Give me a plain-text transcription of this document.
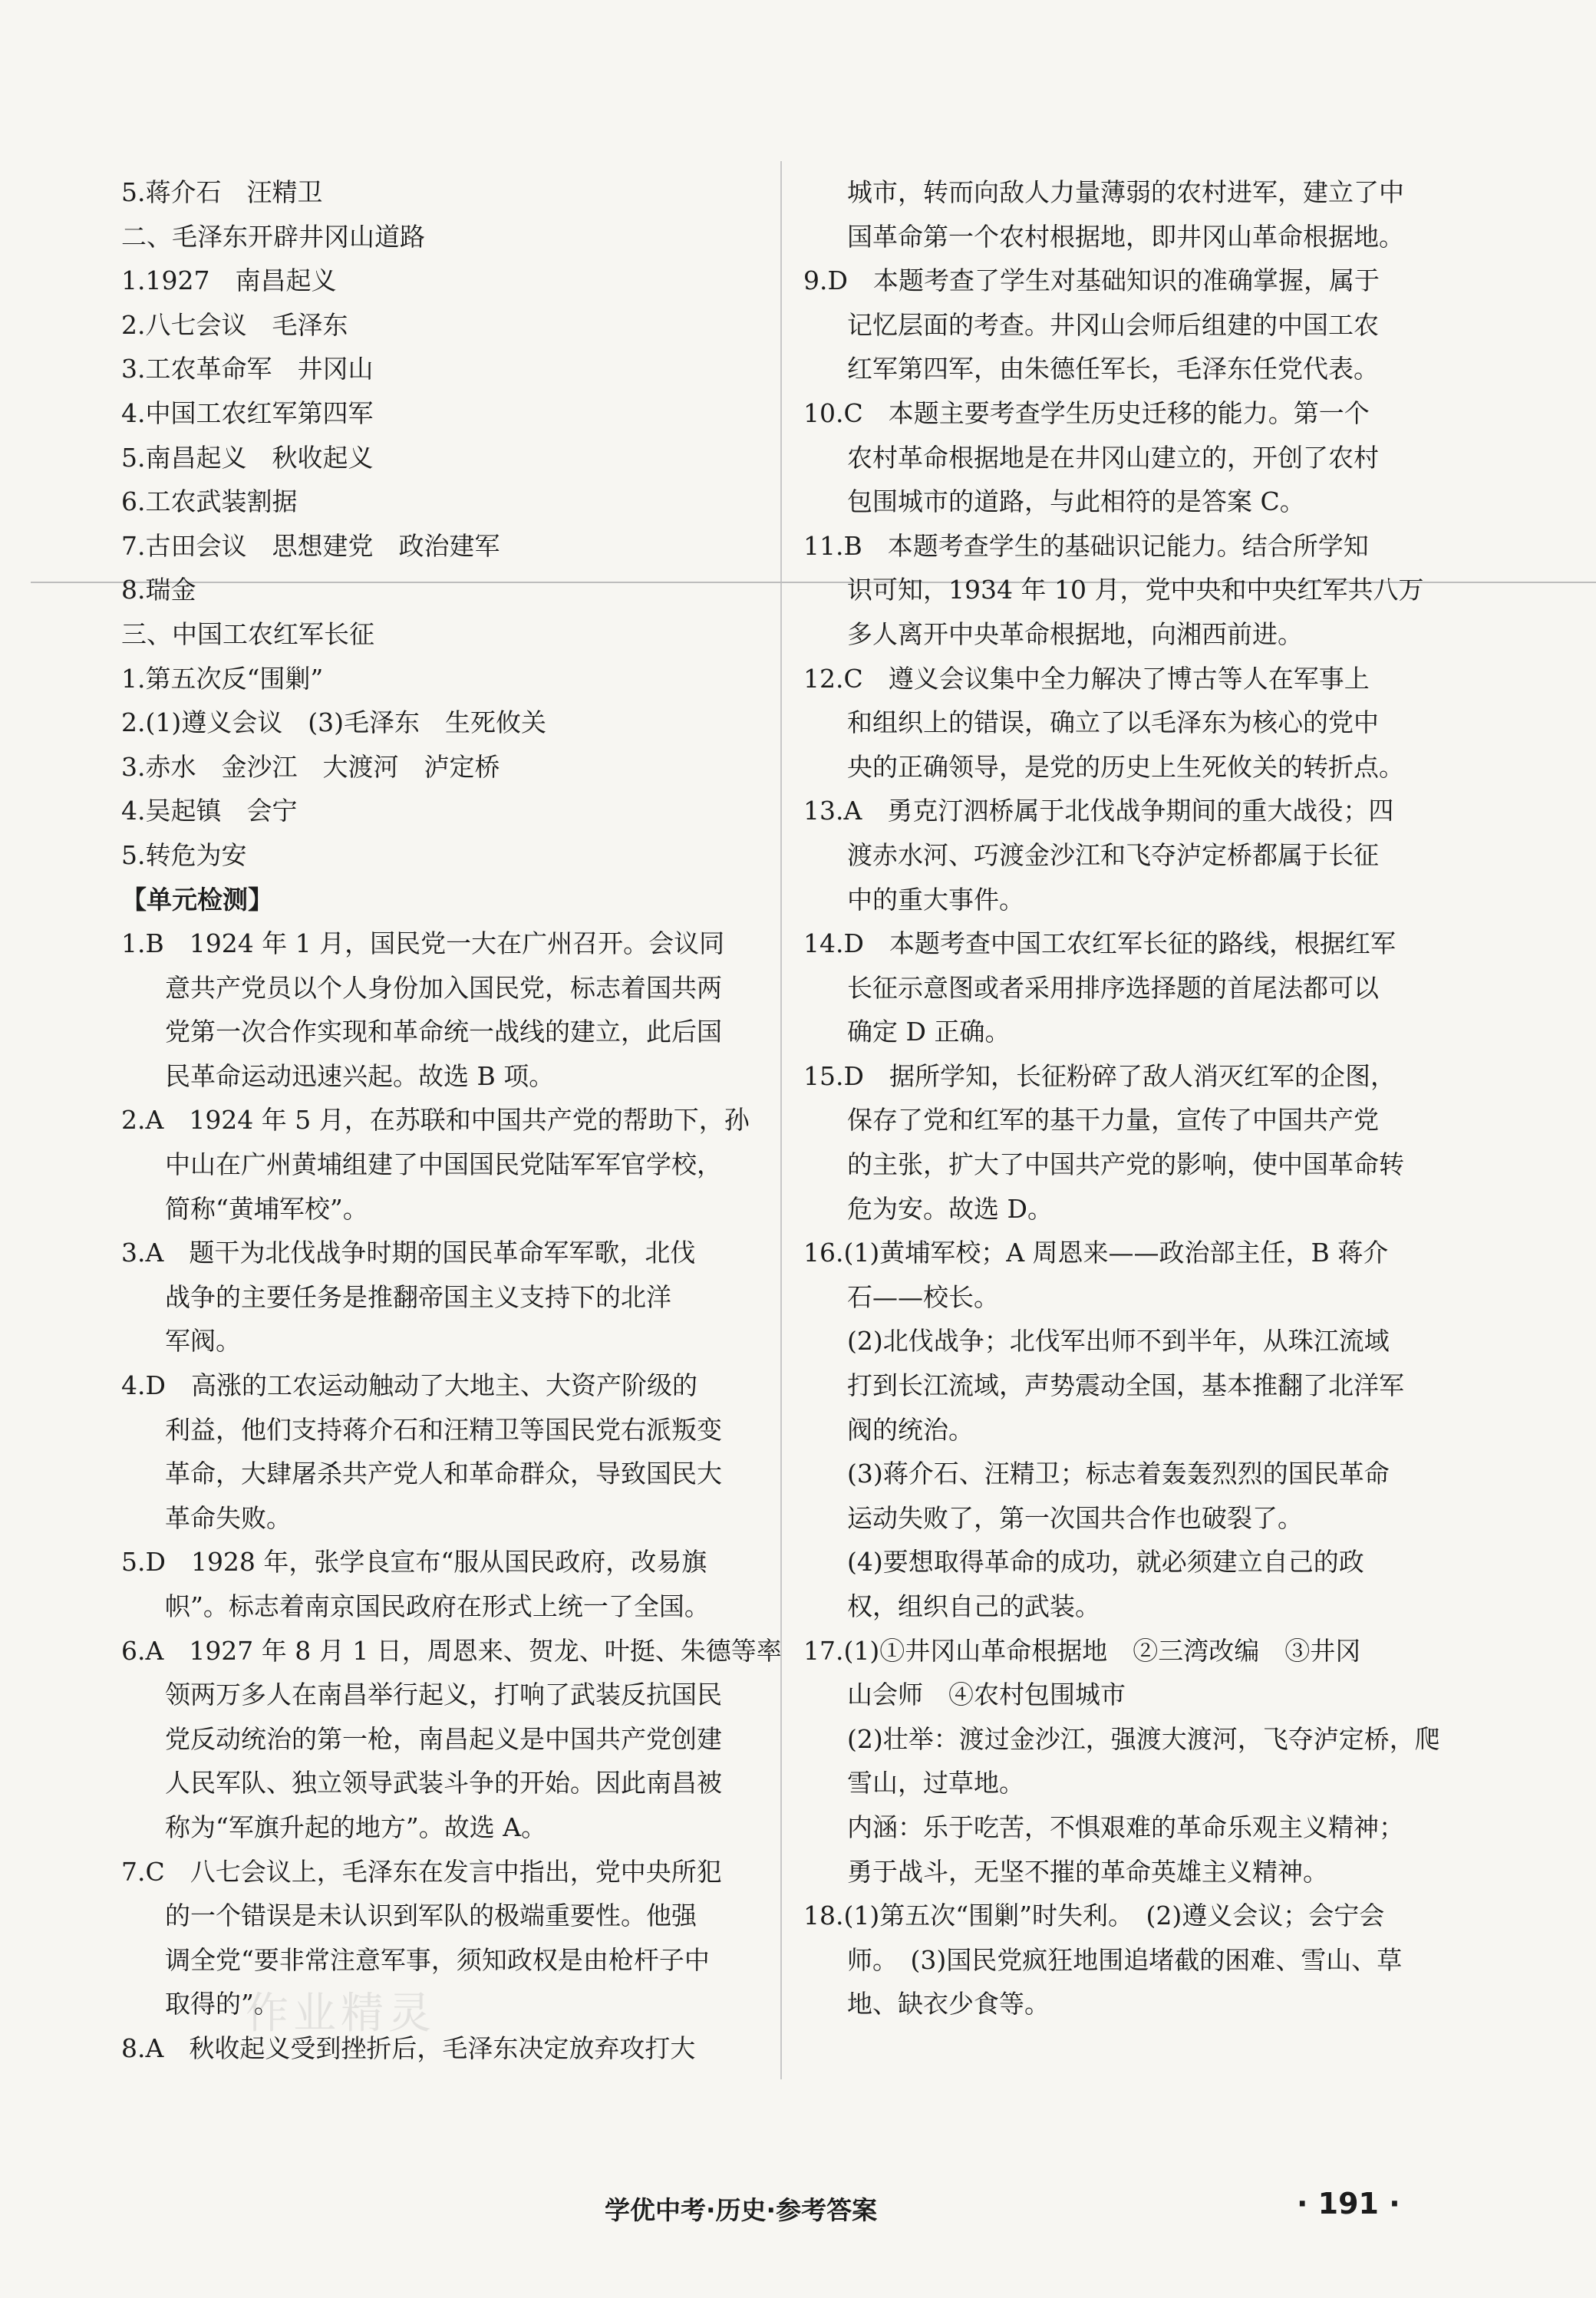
5.蒋介石　汪精卫
二、毛泽东开辟井冈山道路
1.1927　南昌起义
2.八七会议　毛泽东
3.工农革命军　井冈山
4.中国工农红军第四军
5.南昌起义　秋收起义
6.工农武装割据
7.古田会议　思想建党　政治建军
8.瑞金
三、中国工农红军长征
1.第五次反“围剿”
2.(1)遵义会议　(3)毛泽东　生死攸关
3.赤水　金沙江　大渡河　泸定桥
4.吴起镇　会宁
5.转危为安
【单元检测】
1.B　1924 年 1 月，国民党一大在广州召开。会议同
意共产党员以个人身份加入国民党，标志着国共两
党第一次合作实现和革命统一战线的建立，此后国
民革命运动迅速兴起。故选 B 项。
2.A　1924 年 5 月，在苏联和中国共产党的帮助下，孙
中山在广州黄埔组建了中国国民党陆军军官学校，
简称“黄埔军校”。
3.A　题干为北伐战争时期的国民革命军军歌，北伐
战争的主要任务是推翻帝国主义支持下的北洋
军阀。
4.D　高涨的工农运动触动了大地主、大资产阶级的
利益，他们支持蒋介石和汪精卫等国民党右派叛变
革命，大肆屠杀共产党人和革命群众，导致国民大
革命失败。
5.D　1928 年，张学良宣布“服从国民政府，改易旗
帜”。标志着南京国民政府在形式上统一了全国。
6.A　1927 年 8 月 1 日，周恩来、贺龙、叶挺、朱德等率
领两万多人在南昌举行起义，打响了武装反抗国民
党反动统治的第一枪，南昌起义是中国共产党创建
人民军队、独立领导武装斗争的开始。因此南昌被
称为“军旗升起的地方”。故选 A。
7.C　八七会议上，毛泽东在发言中指出，党中央所犯
的一个错误是未认识到军队的极端重要性。他强
调全党“要非常注意军事，须知政权是由枪杆子中
取得的”。
8.A　秋收起义受到挫折后，毛泽东决定放弃攻打大
城市，转而向敌人力量薄弱的农村进军，建立了中
国革命第一个农村根据地，即井冈山革命根据地。
9.D　本题考查了学生对基础知识的准确掌握，属于
记忆层面的考查。井冈山会师后组建的中国工农
红军第四军，由朱德任军长，毛泽东任党代表。
10.C　本题主要考查学生历史迁移的能力。第一个
农村革命根据地是在井冈山建立的，开创了农村
包围城市的道路，与此相符的是答案 C。
11.B　本题考查学生的基础识记能力。结合所学知
识可知，1934 年 10 月，党中央和中央红军共八万
多人离开中央革命根据地，向湘西前进。
12.C　遵义会议集中全力解决了博古等人在军事上
和组织上的错误，确立了以毛泽东为核心的党中
央的正确领导，是党的历史上生死攸关的转折点。
13.A　勇克汀泗桥属于北伐战争期间的重大战役；四
渡赤水河、巧渡金沙江和飞夺泸定桥都属于长征
中的重大事件。
14.D　本题考查中国工农红军长征的路线，根据红军
长征示意图或者采用排序选择题的首尾法都可以
确定 D 正确。
15.D　据所学知，长征粉碎了敌人消灭红军的企图，
保存了党和红军的基干力量，宣传了中国共产党
的主张，扩大了中国共产党的影响，使中国革命转
危为安。故选 D。
16.(1)黄埔军校；A 周恩来——政治部主任，B 蒋介
石——校长。
(2)北伐战争；北伐军出师不到半年，从珠江流域
打到长江流域，声势震动全国，基本推翻了北洋军
阀的统治。
(3)蒋介石、汪精卫；标志着轰轰烈烈的国民革命
运动失败了，第一次国共合作也破裂了。
(4)要想取得革命的成功，就必须建立自己的政
权，组织自己的武装。
17.(1)①井冈山革命根据地　②三湾改编　③井冈
山会师　④农村包围城市
(2)壮举：渡过金沙江，强渡大渡河，飞夺泸定桥，爬
雪山，过草地。
内涵：乐于吃苦，不惧艰难的革命乐观主义精神；
勇于战斗，无坚不摧的革命英雄主义精神。
18.(1)第五次“围剿”时失利。　(2)遵义会议；会宁会
师。　(3)国民党疯狂地围追堵截的困难、雪山、草
地、缺衣少食等。
作业精灵
学优中考·历史·参考答案	· 191 ·
